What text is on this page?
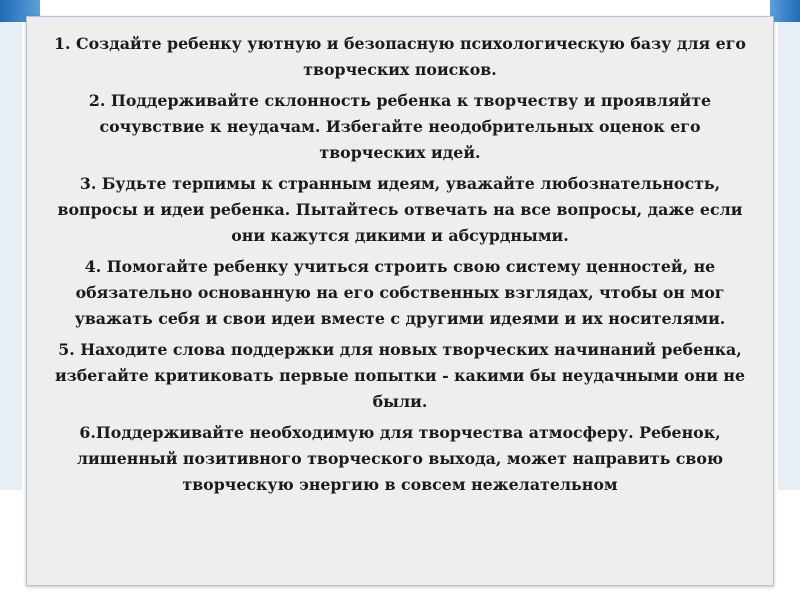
1. Создайте ребенку уютную и безопасную психологическую базу для его творческих поисков.

2. Поддерживайте склонность ребенка к творчеству и проявляйте сочувствие к неудачам. Избегайте неодобрительных оценок его творческих идей.

3. Будьте терпимы к странным идеям, уважайте любознательность, вопросы и идеи ребенка. Пытайтесь отвечать на все вопросы, даже если они кажутся дикими и абсурдными.

4. Помогайте ребенку учиться строить свою систему ценностей, не обязательно основанную на его собственных взглядах, чтобы он мог уважать себя и свои идеи вместе с другими идеями и их носителями.

5. Находите слова поддержки для новых творческих начинаний ребенка, избегайте критиковать первые попытки - какими бы неудачными они не были.

6.Поддерживайте необходимую для творчества атмосферу. Ребенок, лишенный позитивного творческого выхода, может направить свою творческую энергию в совсем нежелательном
